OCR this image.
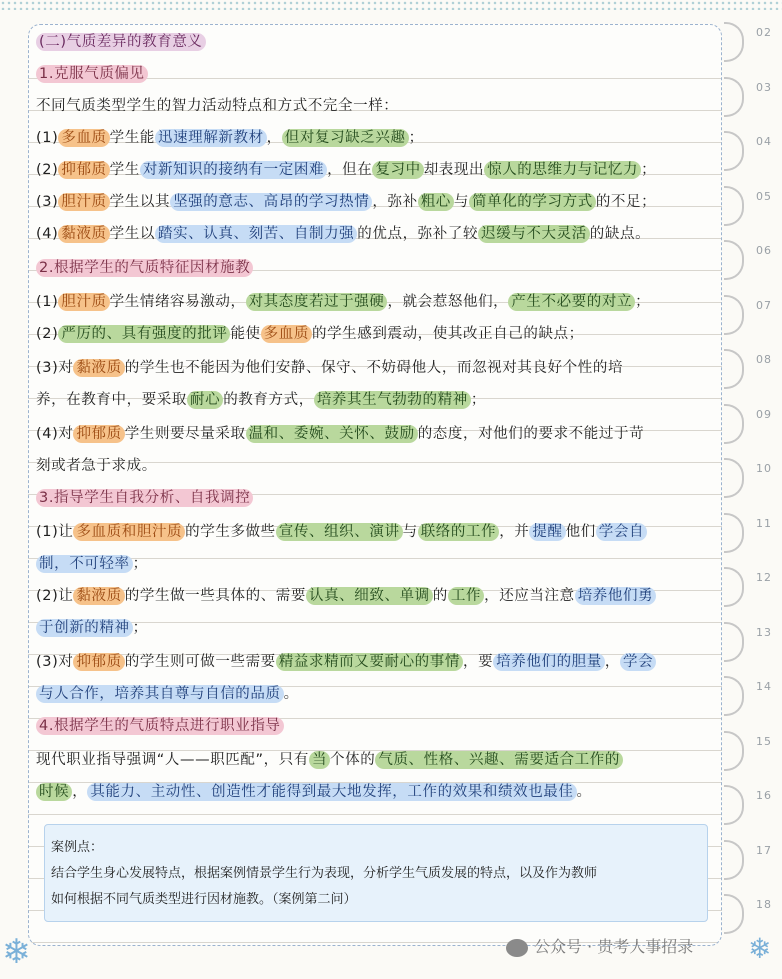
(二)气质差异的教育意义
1.克服气质偏见
不同气质类型学生的智力活动特点和方式不完全一样：
(1) 多血质 学生能 迅速理解新教材 ， 但对复习缺乏兴趣 ；
(2) 抑郁质 学生 对新知识的接纳有一定困难 ，但在 复习中 却表现出 惊人的思维力与记忆力 ；
(3) 胆汁质 学生以其 坚强的意志、高昂的学习热情 ，弥补 粗心 与 简单化的学习方式 的不足；
(4) 黏液质 学生以 踏实、认真、刻苦、自制力强 的优点，弥补了较 迟缓与不大灵活 的缺点。
2.根据学生的气质特征因材施教
(1) 胆汁质 学生情绪容易激动， 对其态度若过于强硬 ，就会惹怒他们， 产生不必要的对立 ；
(2) 严厉的、具有强度的批评 能使 多血质 的学生感到震动，使其改正自己的缺点；
(3)对 黏液质 的学生也不能因为他们安静、保守、不妨碍他人，而忽视对其良好个性的培
养，在教育中，要采取 耐心 的教育方式， 培养其生气勃勃的精神 ；
(4)对 抑郁质 学生则要尽量采取 温和、委婉、关怀、鼓励 的态度，对他们的要求不能过于苛
刻或者急于求成。
3.指导学生自我分析、自我调控
(1)让 多血质和胆汁质 的学生多做些 宣传、组织、演讲 与 联络的工作 ，并 提醒 他们 学会自
制，不可轻率 ；
(2)让 黏液质 的学生做一些具体的、需要 认真、细致、单调 的 工作 ，还应当注意 培养他们勇
于创新的精神 ；
(3)对 抑郁质 的学生则可做一些需要 精益求精而又要耐心的事情 ，要 培养他们的胆量 ， 学会
与人合作，培养其自尊与自信的品质 。
4.根据学生的气质特点进行职业指导
现代职业指导强调“人——职匹配”，只有 当 个体的 气质、性格、兴趣、需要适合工作的
时候 ， 其能力、主动性、创造性才能得到最大地发挥，工作的效果和绩效也最佳 。
案例点：
结合学生身心发展特点，根据案例情景学生行为表现，分析学生气质发展的特点，以及作为教师
如何根据不同气质类型进行因材施教。（案例第二问）
02
03
04
05
06
07
08
09
10
11
12
13
14
15
16
17
18
❄	❄
公众号 · 贵考人事招录
